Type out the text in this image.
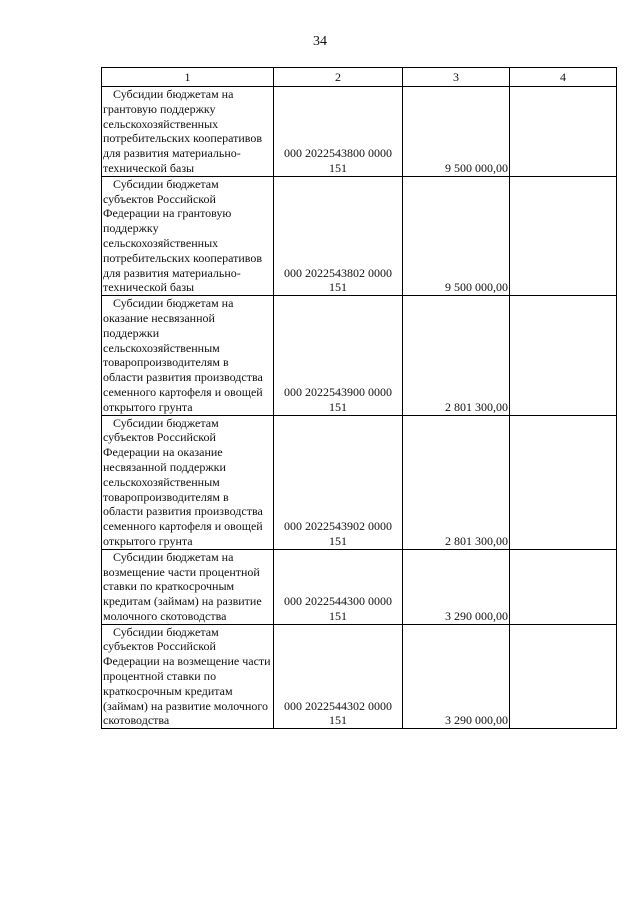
34
1	2	3	4

Субсидии бюджетам на грантовую поддержку сельскохозяйственных потребительских кооперативов для развития материально-технической базы	000 2022543800 0000 151	9 500 000,00	

Субсидии бюджетам субъектов Российской Федерации на грантовую поддержку сельскохозяйственных потребительских кооперативов для развития материально-технической базы	000 2022543802 0000 151	9 500 000,00	

Субсидии бюджетам на оказание несвязанной поддержки сельскохозяйственным товаропроизводителям в области развития производства семенного картофеля и овощей открытого грунта	000 2022543900 0000 151	2 801 300,00	

Субсидии бюджетам субъектов Российской Федерации на оказание несвязанной поддержки сельскохозяйственным товаропроизводителям в области развития производства семенного картофеля и овощей открытого грунта	000 2022543902 0000 151	2 801 300,00	

Субсидии бюджетам на возмещение части процентной ставки по краткосрочным кредитам (займам) на развитие молочного скотоводства	000 2022544300 0000 151	3 290 000,00	

Субсидии бюджетам субъектов Российской Федерации на возмещение части процентной ставки по краткосрочным кредитам (займам) на развитие молочного скотоводства	000 2022544302 0000 151	3 290 000,00	
